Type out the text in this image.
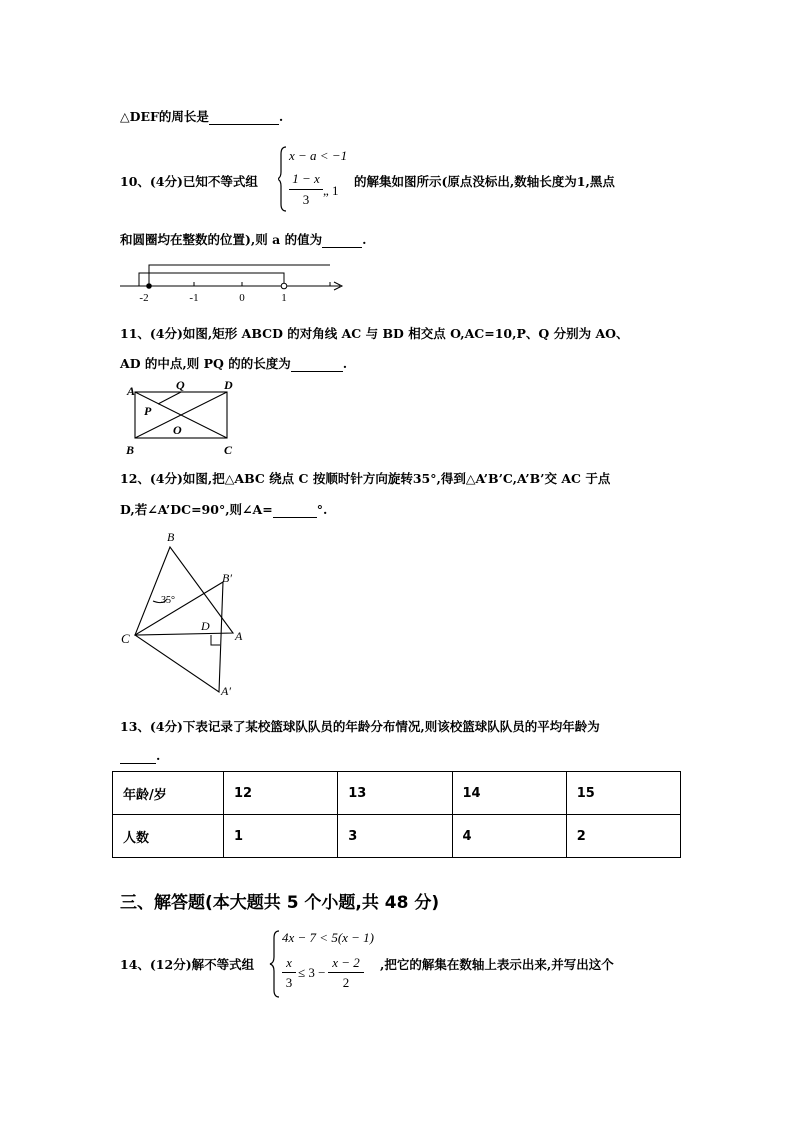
△DEF的周长是	.
10、(4分)已知不等式组
x − a < −1
1 − x
3
„ 1
的解集如图所示(原点没标出,数轴长度为1,黑点
和圆圈均在整数的位置),则 a 的值为	.
-2	-1	0	1
11、(4分)如图,矩形 ABCD 的对角线 AC 与 BD 相交点 O,AC=10,P、Q 分别为 AO、
AD 的中点,则 PQ 的的长度为	.
A	Q	D
P
O
B	C
12、(4分)如图,把△ABC 绕点 C 按顺时针方向旋转35°,得到△A’B’C,A’B’交 AC 于点
D,若∠A’DC=90°,则∠A=	°.
35°
B
B′
C
D
A
A′
13、(4分)下表记录了某校篮球队队员的年龄分布情况,则该校篮球队队员的平均年龄为
.
年龄/岁	12	13	14	15
人数	1	3	4	2
三、解答题(本大题共 5 个小题,共 48 分)
14、(12分)解不等式组
4x − 7 < 5(x − 1)
x
3
≤ 3 −
x − 2
2
,把它的解集在数轴上表示出来,并写出这个
